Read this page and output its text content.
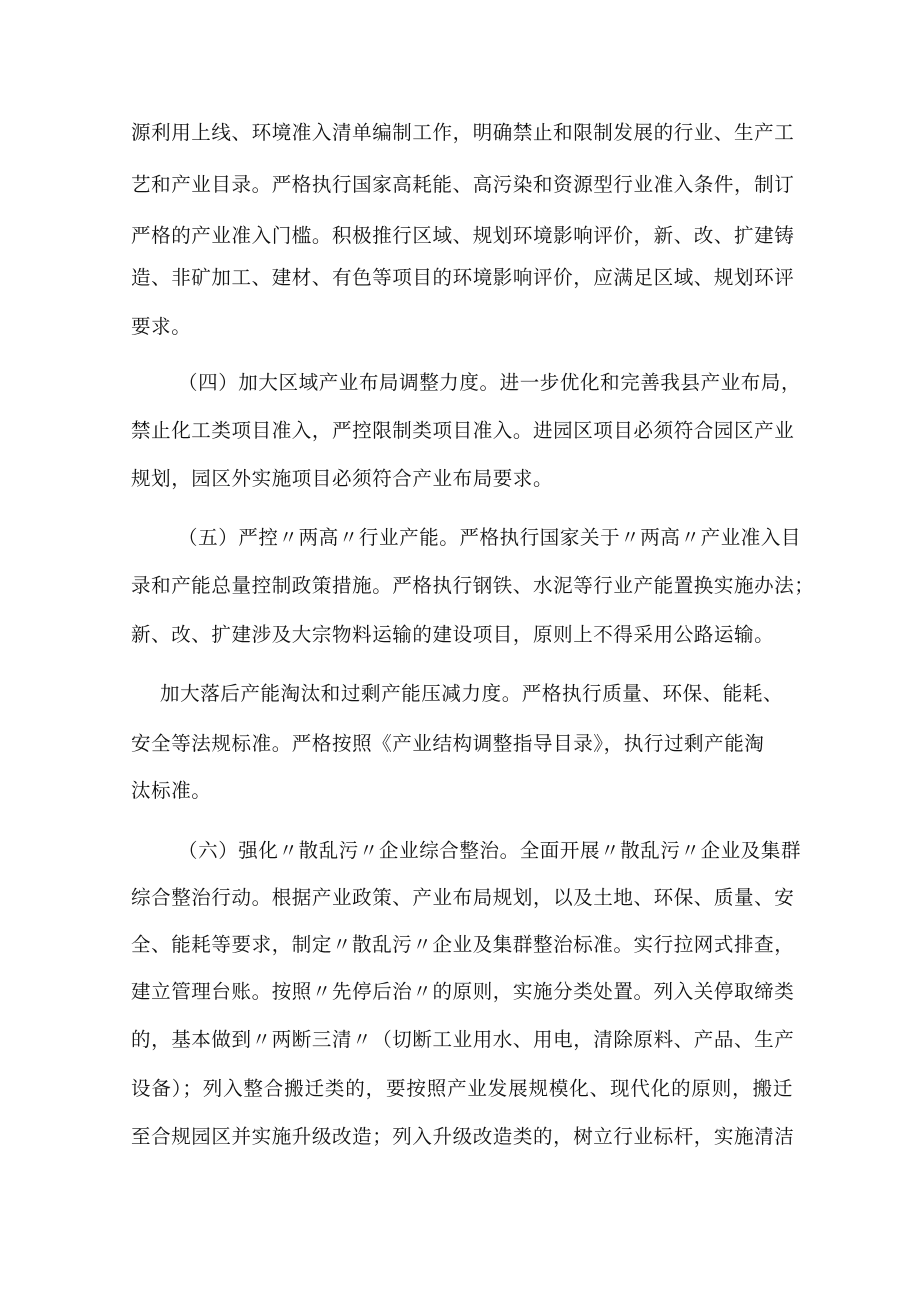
源利用上线、环境准入清单编制工作，明确禁止和限制发展的行业、生产工
艺和产业目录。严格执行国家高耗能、高污染和资源型行业准入条件，制订
严格的产业准入门槛。积极推行区域、规划环境影响评价，新、改、扩建铸
造、非矿加工、建材、有色等项目的环境影响评价，应满足区域、规划环评
要求。
（四）加大区域产业布局调整力度。进一步优化和完善我县产业布局，
禁止化工类项目准入，严控限制类项目准入。进园区项目必须符合园区产业
规划，园区外实施项目必须符合产业布局要求。
（五）严控〃两高〃行业产能。严格执行国家关于〃两高〃产业准入目
录和产能总量控制政策措施。严格执行钢铁、水泥等行业产能置换实施办法；
新、改、扩建涉及大宗物料运输的建设项目，原则上不得采用公路运输。
加大落后产能淘汰和过剩产能压减力度。严格执行质量、环保、能耗、
安全等法规标准。严格按照《产业结构调整指导目录》，执行过剩产能淘
汰标准。
（六）强化〃散乱污〃企业综合整治。全面开展〃散乱污〃企业及集群
综合整治行动。根据产业政策、产业布局规划，以及土地、环保、质量、安
全、能耗等要求，制定〃散乱污〃企业及集群整治标准。实行拉网式排查，
建立管理台账。按照〃先停后治〃的原则，实施分类处置。列入关停取缔类
的，基本做到〃两断三清〃（切断工业用水、用电，清除原料、产品、生产
设备）；列入整合搬迁类的，要按照产业发展规模化、现代化的原则，搬迁
至合规园区并实施升级改造；列入升级改造类的，树立行业标杆，实施清洁
